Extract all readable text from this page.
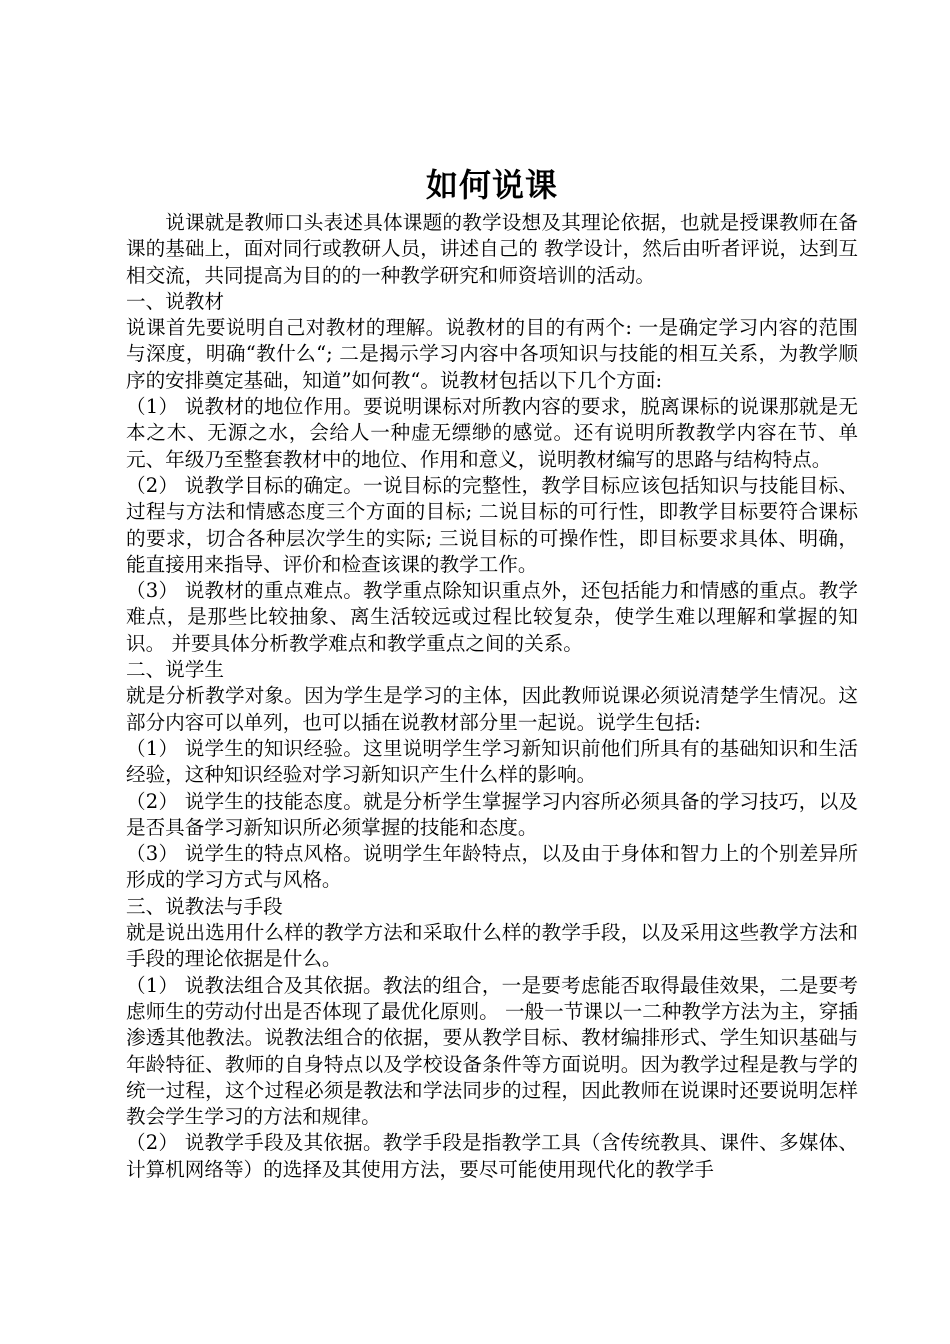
如何说课

说课就是教师口头表述具体课题的教学设想及其理论依据，也就是授课教师在备课的基础上，面对同行或教研人员，讲述自己的 教学设计，然后由听者评说，达到互相交流，共同提高为目的的一种教学研究和师资培训的活动。

一、说教材

说课首先要说明自己对教材的理解。说教材的目的有两个: 一是确定学习内容的范围与深度，明确“教什么“; 二是揭示学习内容中各项知识与技能的相互关系，为教学顺序的安排奠定基础，知道”如何教“。说教材包括以下几个方面:

（1） 说教材的地位作用。要说明课标对所教内容的要求，脱离课标的说课那就是无本之木、无源之水，会给人一种虚无缥缈的感觉。还有说明所教教学内容在节、单元、年级乃至整套教材中的地位、作用和意义，说明教材编写的思路与结构特点。

（2） 说教学目标的确定。一说目标的完整性，教学目标应该包括知识与技能目标、过程与方法和情感态度三个方面的目标; 二说目标的可行性，即教学目标要符合课标的要求，切合各种层次学生的实际; 三说目标的可操作性，即目标要求具体、明确，能直接用来指导、评价和检查该课的教学工作。

（3） 说教材的重点难点。教学重点除知识重点外，还包括能力和情感的重点。教学难点，是那些比较抽象、离生活较远或过程比较复杂，使学生难以理解和掌握的知识。 并要具体分析教学难点和教学重点之间的关系。

二、说学生

就是分析教学对象。因为学生是学习的主体，因此教师说课必须说清楚学生情况。这部分内容可以单列，也可以插在说教材部分里一起说。说学生包括:

（1） 说学生的知识经验。这里说明学生学习新知识前他们所具有的基础知识和生活经验，这种知识经验对学习新知识产生什么样的影响。

（2） 说学生的技能态度。就是分析学生掌握学习内容所必须具备的学习技巧，以及是否具备学习新知识所必须掌握的技能和态度。

（3） 说学生的特点风格。说明学生年龄特点，以及由于身体和智力上的个别差异所形成的学习方式与风格。

三、说教法与手段

就是说出选用什么样的教学方法和采取什么样的教学手段，以及采用这些教学方法和手段的理论依据是什么。

（1） 说教法组合及其依据。教法的组合，一是要考虑能否取得最佳效果，二是要考虑师生的劳动付出是否体现了最优化原则。 一般一节课以一二种教学方法为主，穿插渗透其他教法。说教法组合的依据，要从教学目标、教材编排形式、学生知识基础与年龄特征、教师的自身特点以及学校设备条件等方面说明。因为教学过程是教与学的统一过程，这个过程必须是教法和学法同步的过程，因此教师在说课时还要说明怎样教会学生学习的方法和规律。

（2） 说教学手段及其依据。教学手段是指教学工具（含传统教具、课件、多媒体、计算机网络等）的选择及其使用方法，要尽可能使用现代化的教学手
